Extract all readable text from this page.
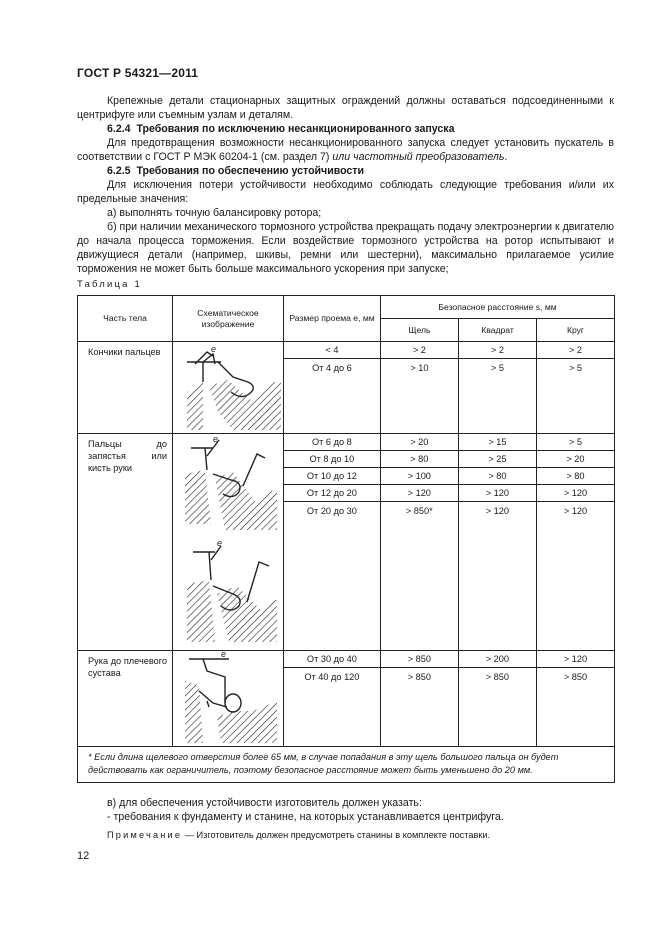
ГОСТ Р 54321—2011

Крепежные детали стационарных защитных ограждений должны оставаться подсоединенными к центрифуге или съемным узлам и деталям.

6.2.4 Требования по исключению несанкционированного запуска

Для предотвращения возможности несанкционированного запуска следует установить пускатель в соответствии с ГОСТ Р МЭК 60204-1 (см. раздел 7) или частотный преобразователь.

6.2.5 Требования по обеспечению устойчивости

Для исключения потери устойчивости необходимо соблюдать следующие требования и/или их предельные значения:

а) выполнять точную балансировку ротора;

б) при наличии механического тормозного устройства прекращать подачу электроэнергии к двигателю до начала процесса торможения. Если воздействие тормозного устройства на ротор испытывают и движущиеся детали (например, шкивы, ремни или шестерни), максимально прилагаемое усилие торможения не может быть больше максимального ускорения при запуске;

Таблица 1
Часть тела	Схематическое изображение	Размер проема е, мм	Безопасное расстояние s, мм
Щель	Квадрат	Круг
Кончики пальцев	e
		< 4	> 2	> 2	> 2
От 4 до 6	> 10	> 5	> 5

Пальцы до запястья или кисть руки	
e
e

От 6 до 8	> 20	> 15	> 5
От 8 до 10	> 80	> 25	> 20
От 10 до 12	> 100	> 80	> 80
От 12 до 20	> 120	> 120	> 120
От 20 до 30	> 850*	> 120	> 120

Рука до плечевого сустава	
e
		От 30 до 40	> 850	> 200	> 120
От 40 до 120	> 850	> 850	> 850

* Если длина щелевого отверстия более 65 мм, в случае попадания в эту щель большого пальца он будет действовать как ограничитель, поэтому безопасное расстояние может быть уменьшено до 20 мм.

в) для обеспечения устойчивости изготовитель должен указать:

- требования к фундаменту и станине, на которых устанавливается центрифуга.

Примечание — Изготовитель должен предусмотреть станины в комплекте поставки.
12
